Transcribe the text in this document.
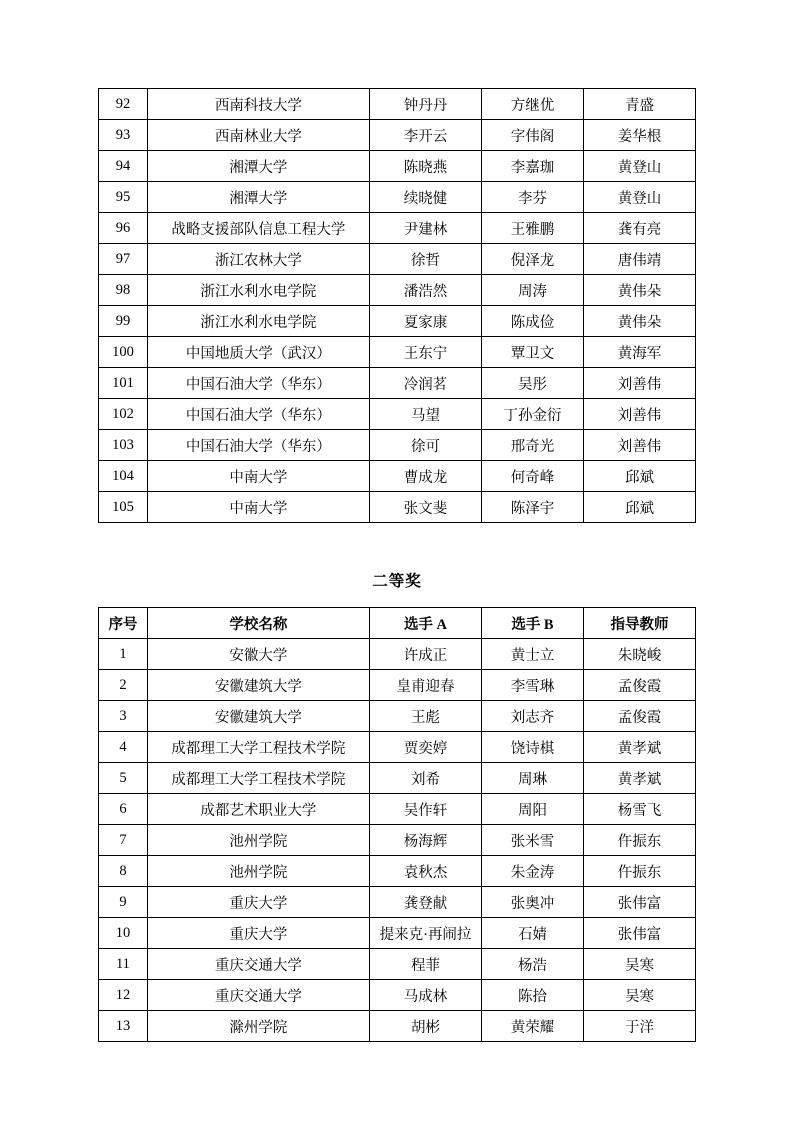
92	西南科技大学	钟丹丹	方继优	青盛
93	西南林业大学	李开云	字伟阁	姜华根
94	湘潭大学	陈晓燕	李嘉珈	黄登山
95	湘潭大学	续晓健	李芬	黄登山
96	战略支援部队信息工程大学	尹建林	王雅鹏	龚有亮
97	浙江农林大学	徐哲	倪泽龙	唐伟靖
98	浙江水利水电学院	潘浩然	周涛	黄伟朵
99	浙江水利水电学院	夏家康	陈成俭	黄伟朵
100	中国地质大学（武汉）	王东宁	覃卫文	黄海军
101	中国石油大学（华东）	冷润茗	吴彤	刘善伟
102	中国石油大学（华东）	马望	丁孙金衍	刘善伟
103	中国石油大学（华东）	徐可	邢奇光	刘善伟
104	中南大学	曹成龙	何奇峰	邱斌
105	中南大学	张文斐	陈泽宇	邱斌
二等奖
序号	学校名称	选手 A	选手 B	指导教师
1	安徽大学	许成正	黄士立	朱晓峻
2	安徽建筑大学	皇甫迎春	李雪琳	孟俊霞
3	安徽建筑大学	王彪	刘志齐	孟俊霞
4	成都理工大学工程技术学院	贾奕婷	饶诗棋	黄孝斌
5	成都理工大学工程技术学院	刘希	周琳	黄孝斌
6	成都艺术职业大学	吴作轩	周阳	杨雪飞
7	池州学院	杨海辉	张米雪	仵振东
8	池州学院	袁秋杰	朱金涛	仵振东
9	重庆大学	龚登献	张奥冲	张伟富
10	重庆大学	提来克·再闹拉	石婧	张伟富
11	重庆交通大学	程菲	杨浩	吴寒
12	重庆交通大学	马成林	陈拾	吴寒
13	滁州学院	胡彬	黄荣耀	于洋
